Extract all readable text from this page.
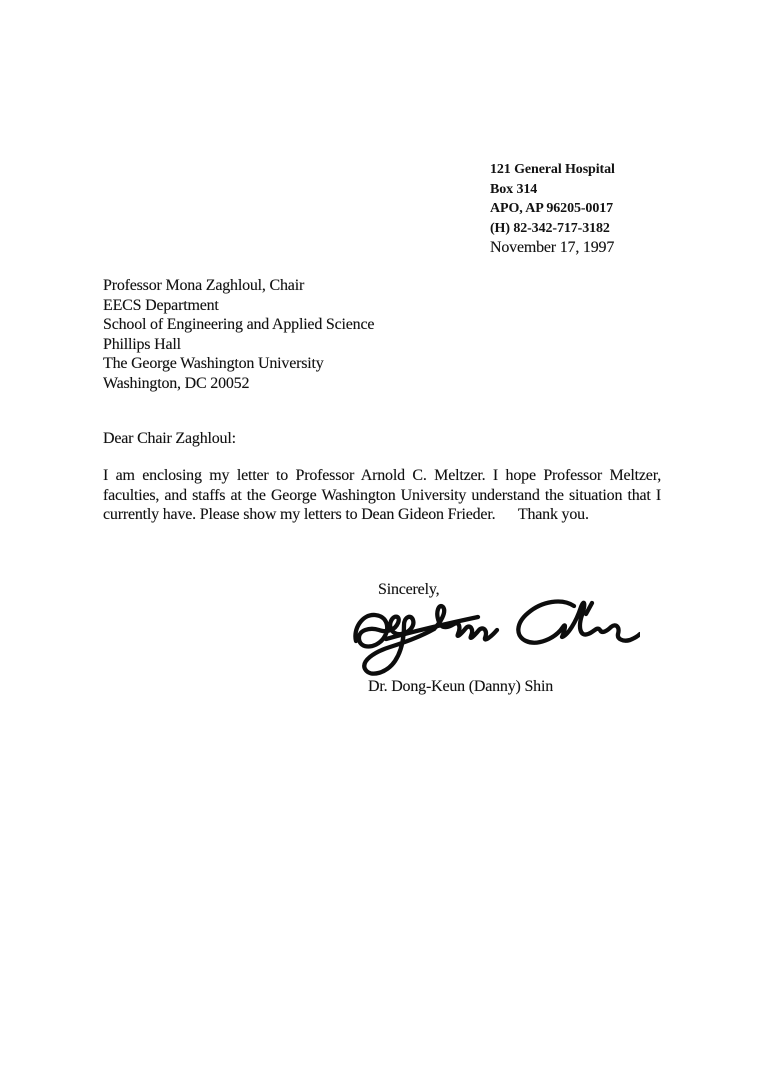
121 General Hospital
Box 314
APO, AP 96205-0017
(H) 82-342-717-3182
November 17, 1997
Professor Mona Zaghloul, Chair
EECS Department
School of Engineering and Applied Science
Phillips Hall
The George Washington University
Washington, DC 20052
Dear Chair Zaghloul:
I am enclosing my letter to Professor Arnold C. Meltzer. I hope Professor Meltzer,
faculties, and staffs at the George Washington University understand the situation that I
currently have. Please show my letters to Dean Gideon Frieder.      Thank you.
Sincerely,
Dr. Dong-Keun (Danny) Shin
